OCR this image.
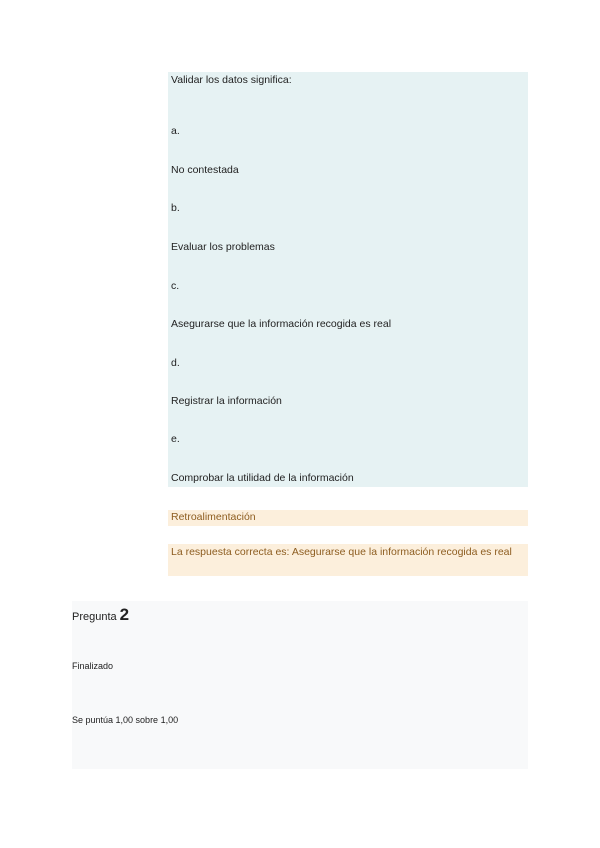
Validar los datos significa:
a.
No contestada
b.
Evaluar los problemas
c.
Asegurarse que la información recogida es real
d.
Registrar la información
e.
Comprobar la utilidad de la información
Retroalimentación
La respuesta correcta es: Asegurarse que la información recogida es real
Pregunta 2
Finalizado
Se puntúa 1,00 sobre 1,00
